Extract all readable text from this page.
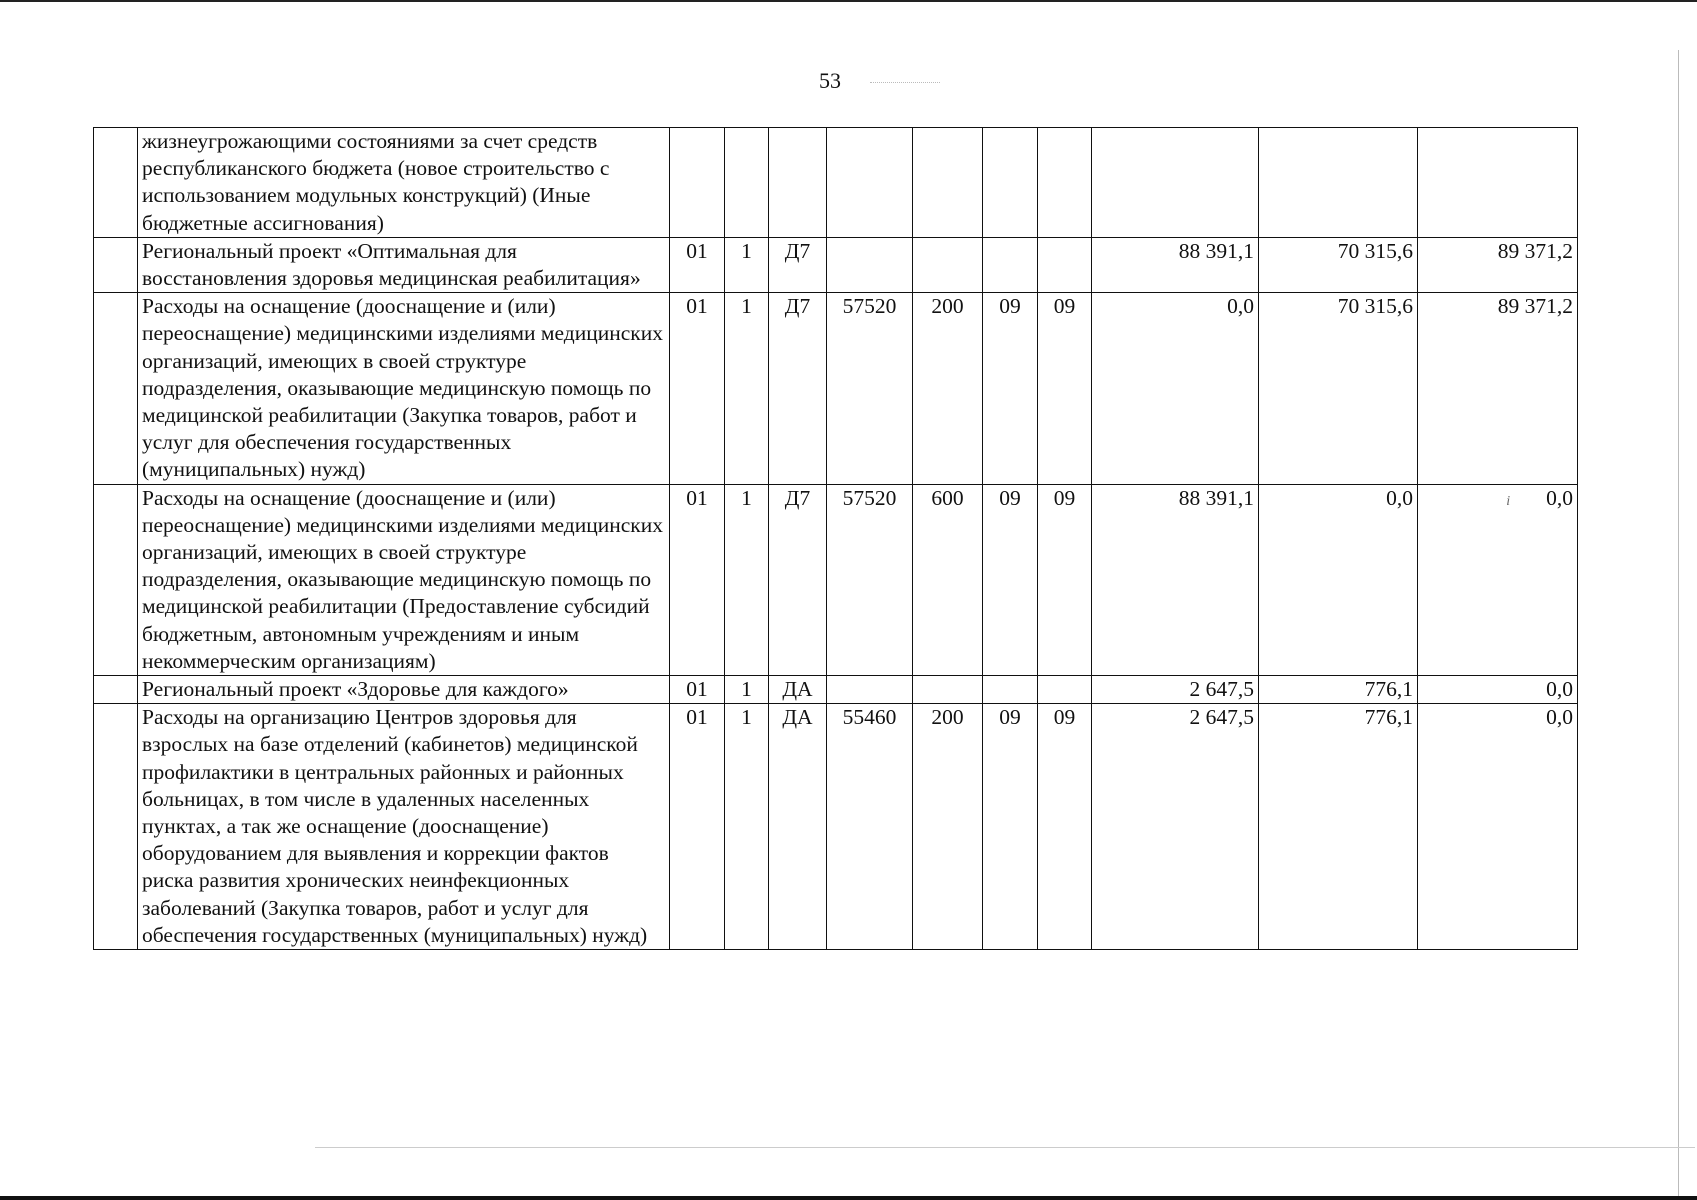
53
	жизнеугрожающими состояниями за счет средств республиканского бюджета (новое строительство с использованием модульных конструкций) (Иные бюджетные ассигнования)										
	Региональный проект «Оптимальная для восстановления здоровья медицинская реабилитация»	01	1	Д7					88 391,1	70 315,6	89 371,2
	Расходы на оснащение (дооснащение и (или) переоснащение) медицинскими изделиями медицинских организаций, имеющих в своей структуре подразделения, оказывающие медицинскую помощь по медицинской реабилитации (Закупка товаров, работ и услуг для обеспечения государственных (муниципальных) нужд)	01	1	Д7	57520	200	09	09	0,0	70 315,6	89 371,2
	Расходы на оснащение (дооснащение и (или) переоснащение) медицинскими изделиями медицинских организаций, имеющих в своей структуре подразделения, оказывающие медицинскую помощь по медицинской реабилитации (Предоставление субсидий бюджетным, автономным учреждениям и иным некоммерческим организациям)	01	1	Д7	57520	600	09	09	88 391,1	0,0	i 0,0
	Региональный проект «Здоровье для каждого»	01	1	ДА					2 647,5	776,1	0,0
	Расходы на организацию Центров здоровья для взрослых на базе отделений (кабинетов) медицинской профилактики в центральных районных и районных больницах, в том числе в удаленных населенных пунктах, а так же оснащение (дооснащение) оборудованием для выявления и коррекции фактов риска развития хронических неинфекционных заболеваний (Закупка товаров, работ и услуг для обеспечения государственных (муниципальных) нужд)	01	1	ДА	55460	200	09	09	2 647,5	776,1	0,0
